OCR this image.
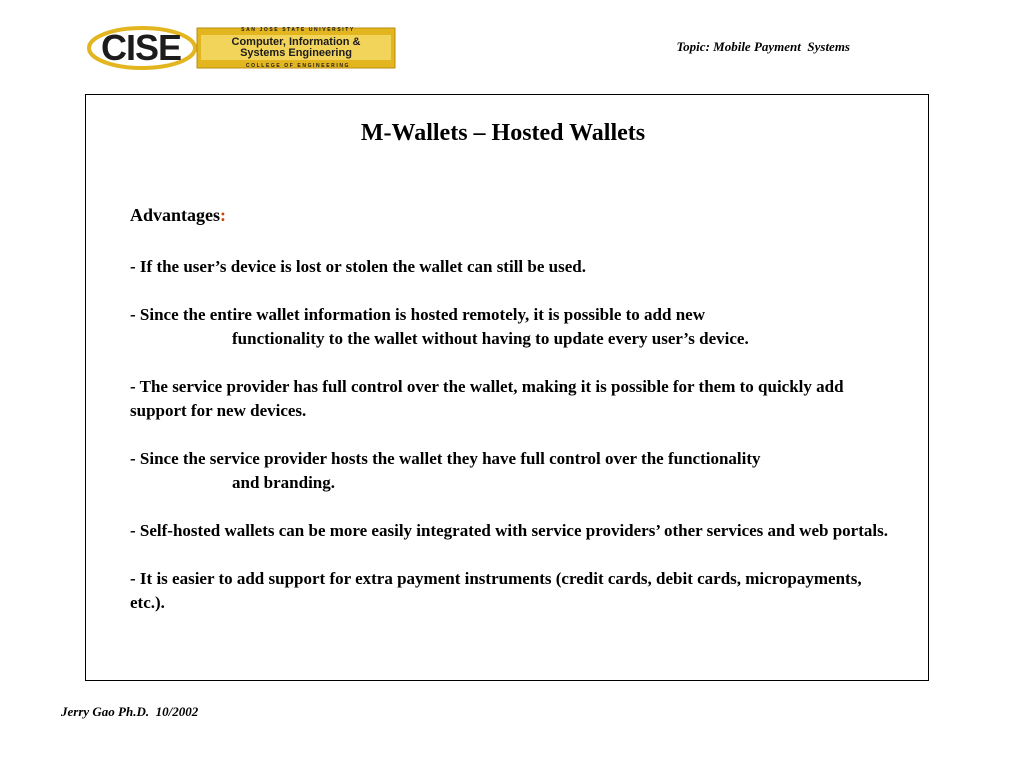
CISE	SAN JOSE STATE UNIVERSITY
Computer, Information &
Systems Engineering
COLLEGE OF ENGINEERING
Topic: Mobile Payment  Systems
M-Wallets – Hosted Wallets
Advantages:
- If the user’s device is lost or stolen the wallet can still be used.
- Since the entire wallet information is hosted remotely, it is possible to add new
functionality to the wallet without having to update every user’s device.
- The service provider has full control over the wallet, making it is possible for them to quickly add support for new devices.
- Since the service provider hosts the wallet they have full control over the functionality
and branding.
- Self-hosted wallets can be more easily integrated with service providers’ other services and web portals.
- It is easier to add support for extra payment instruments (credit cards, debit cards, micropayments, etc.).
Jerry Gao Ph.D.  10/2002
